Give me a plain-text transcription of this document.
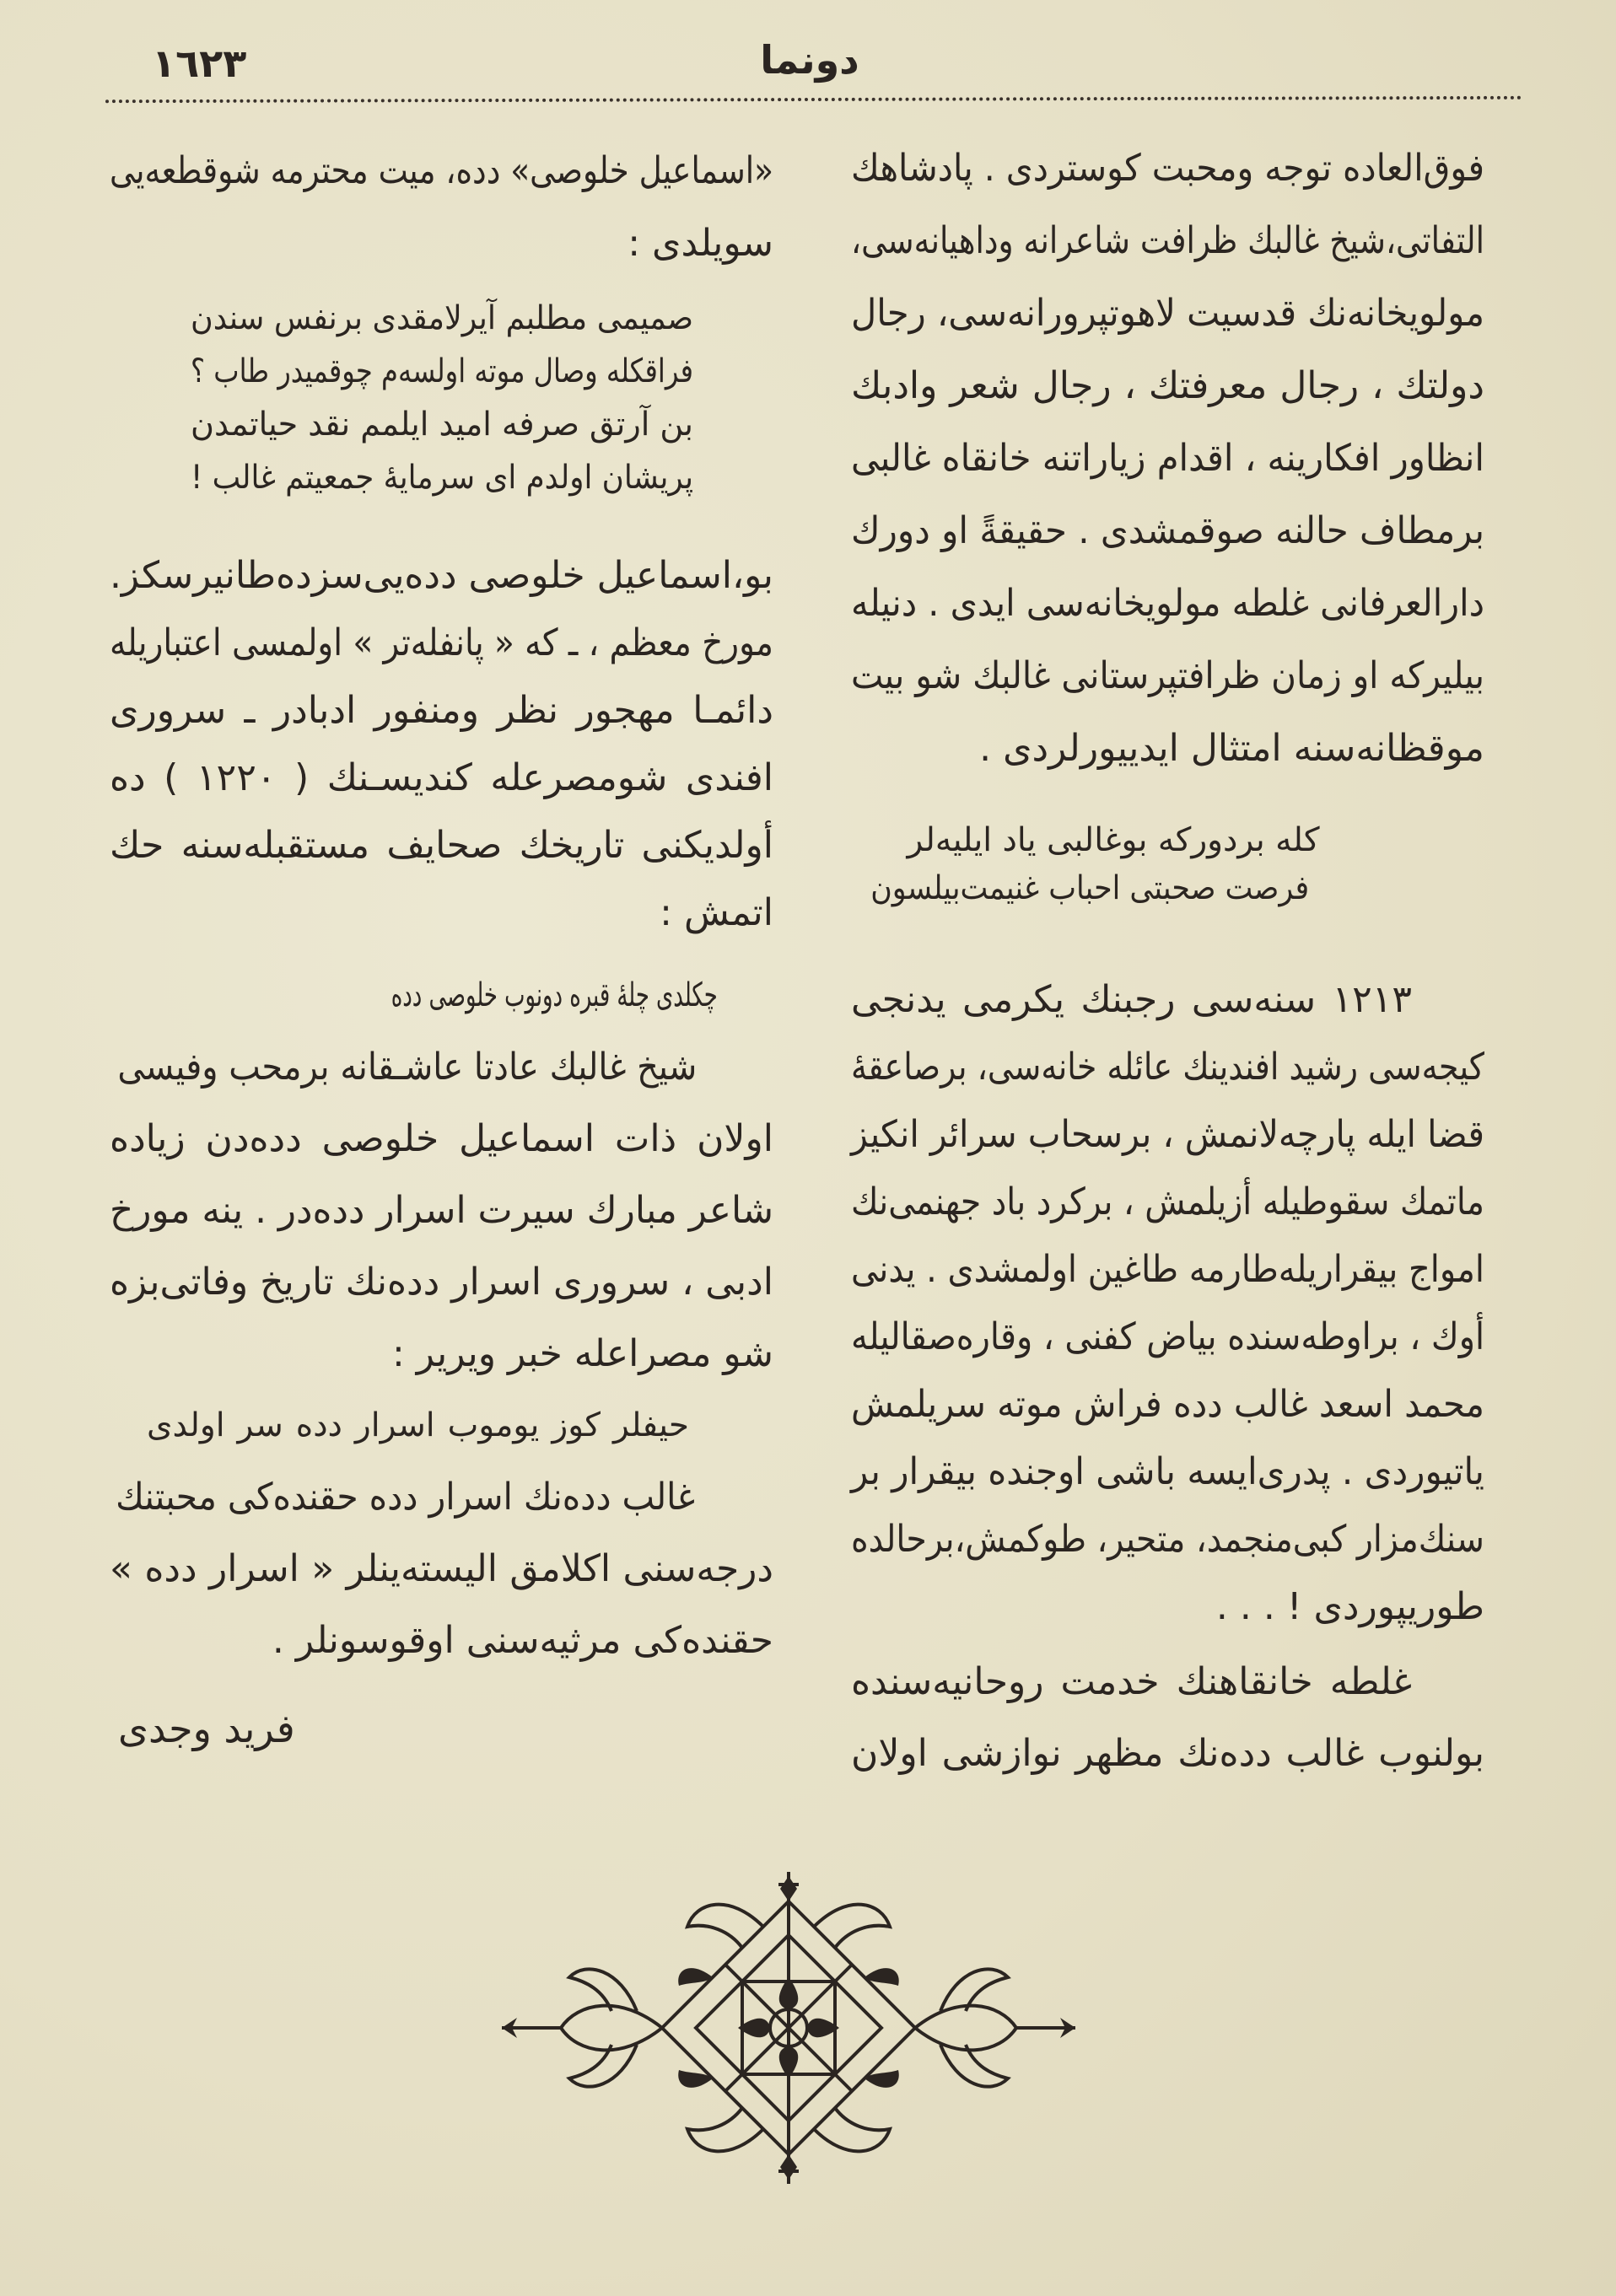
١٦٢٣	دونما
فوق‌العاده توجه ومحبت كوستردی . پادشاهك
التفاتی،شیخ غالبك ظرافت شاعرانه وداهیانه‌سی،
مولویخانه‌نك قدسیت لاهوتپرورانه‌سی، رجال
دولتك ، رجال معرفتك ، رجال شعر وادبك
انظاور افكارینه ، اقدام زیاراتنه خانقاه غالبی
برمطاف حالنه صوقمشدی . حقیقةً او دورك
دارالعرفانی غلطه مولویخانه‌سی ایدی . دنیله
بیلیركه او زمان ظرافتپرستانی غالبك شو بیت
موقظانه‌سنه امتثال ایدییورلردی .
كله بردوركه بوغالبی یاد ایلیه‌لر
فرصت صحبتی احباب غنیمت‌بیلسون
١٢١٣ سنه‌سی رجبنك یكرمی یدنجی
كیجه‌سی رشید افندینك عائله خانه‌سی، برصاعقهٔ
قضا ایله پارچه‌لانمش ، برسحاب سرائر انكیز
ماتمك سقوطیله أزیلمش ، بركرد باد جهنمی‌نك
امواج بیقراریله‌طارمه طاغین اولمشدی . یدنی
أوك ، براوطه‌سنده بیاض كفنی ، وقاره‌صقالیله
محمد اسعد غالب دده فراش موته سریلمش
یاتیوردی . پدری‌ایسه باشی اوجنده بیقرار بر
سنك‌مزار كبی‌منجمد، متحیر، طوكمش،برحالده
طوریپوردی ! . . .
غلطه خانقاهنك خدمت روحانیه‌سنده
بولنوب غالب دده‌نك مظهر نوازشی اولان
«اسماعیل خلوصی» دده، میت محترمه شوقطعه‌یی
سویلدی :
صمیمی مطلبم آیرلامقدی برنفس سندن
فراقكله وصال موته اولسه‌م چوقمیدر طاب ؟
بن آرتق صرفه امید ایلمم نقد حیاتمدن
پریشان اولدم ای سرمایهٔ جمعیتم غالب !
بو،اسماعیل خلوصی دده‌یی‌سزده‌طانیرسكز.
مورخ معظم ، ـ كه « پانفله‌تر » اولمسی اعتباریله
دائمـا مهجور نظر ومنفور ادبادر ـ سروری
افندی شومصرعله كندیسـنك ( ١٢٢٠ ) ده
أولدیكنی تاریخك صحایف مستقبله‌سنه حك
اتمش :
چكلدی چلهٔ قبره دونوب خلوصی دده
شیخ غالبك عادتا عاشـقانه برمحب وفیسی
اولان ذات اسماعیل خلوصی دده‌دن زیاده
شاعر مبارك سیرت اسرار دده‌در . ینه مورخ
ادبی ، سروری اسرار دده‌نك تاریخ وفاتی‌بزه
شو مصراعله خبر ویریر :
حیفلر كوز یوموب اسرار دده سر اولدی
غالب دده‌نك اسرار دده حقنده‌كی محبتنك
درجه‌سنی اكلامق الیسته‌ینلر « اسرار دده »
حقنده‌كی مرثیه‌سنی اوقوسونلر .
فرید وجدی
